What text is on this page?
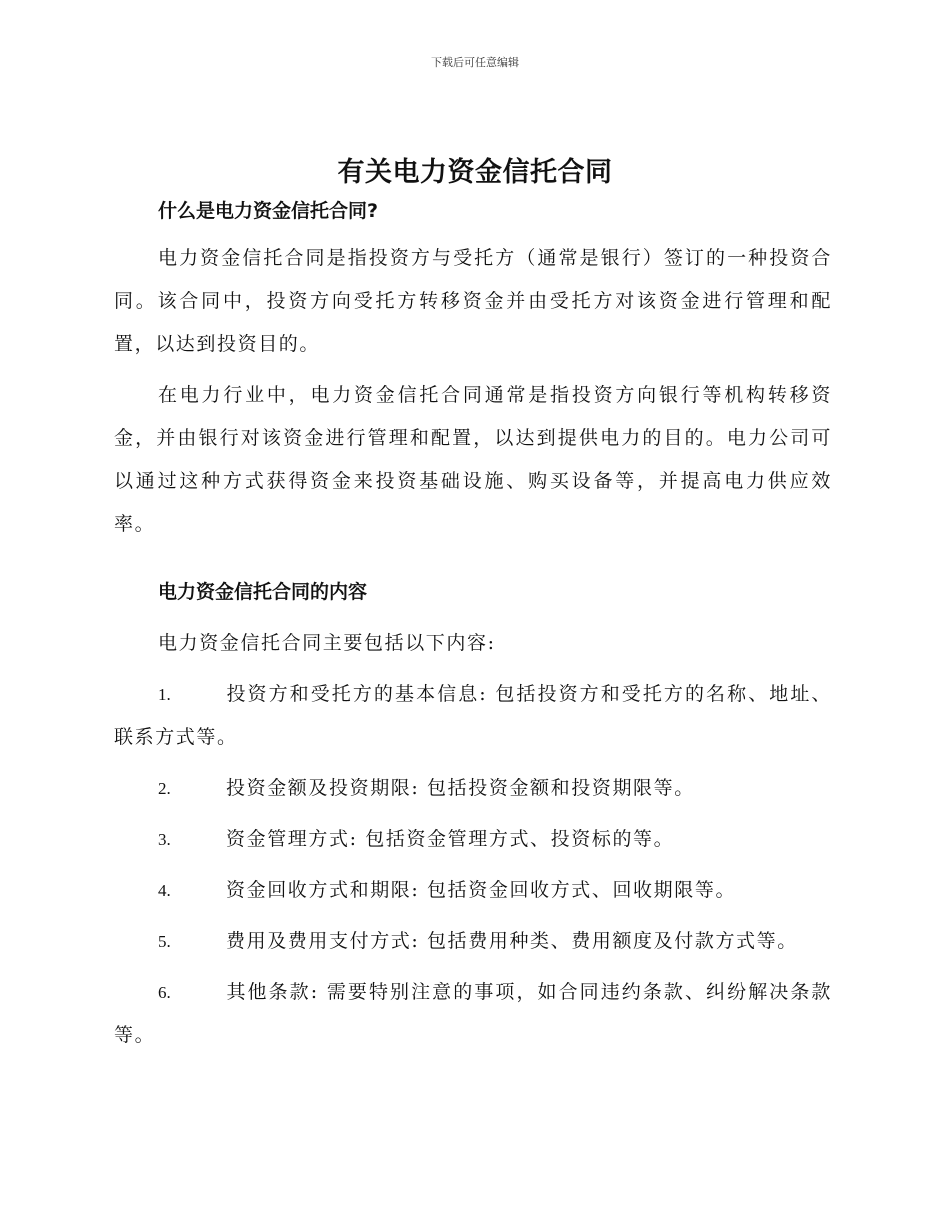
下载后可任意编辑
有关电力资金信托合同

什么是电力资金信托合同?

电力资金信托合同是指投资方与受托方（通常是银行）签订的一种投资合同。该合同中，投资方向受托方转移资金并由受托方对该资金进行管理和配置，以达到投资目的。

在电力行业中，电力资金信托合同通常是指投资方向银行等机构转移资金，并由银行对该资金进行管理和配置，以达到提供电力的目的。电力公司可以通过这种方式获得资金来投资基础设施、购买设备等，并提高电力供应效率。

电力资金信托合同的内容

电力资金信托合同主要包括以下内容:

1.	投资方和受托方的基本信息: 包括投资方和受托方的名称、地址、联系方式等。

2.	投资金额及投资期限: 包括投资金额和投资期限等。

3.	资金管理方式: 包括资金管理方式、投资标的等。

4.	资金回收方式和期限: 包括资金回收方式、回收期限等。

5.	费用及费用支付方式: 包括费用种类、费用额度及付款方式等。

6.	其他条款: 需要特别注意的事项，如合同违约条款、纠纷解决条款等。
